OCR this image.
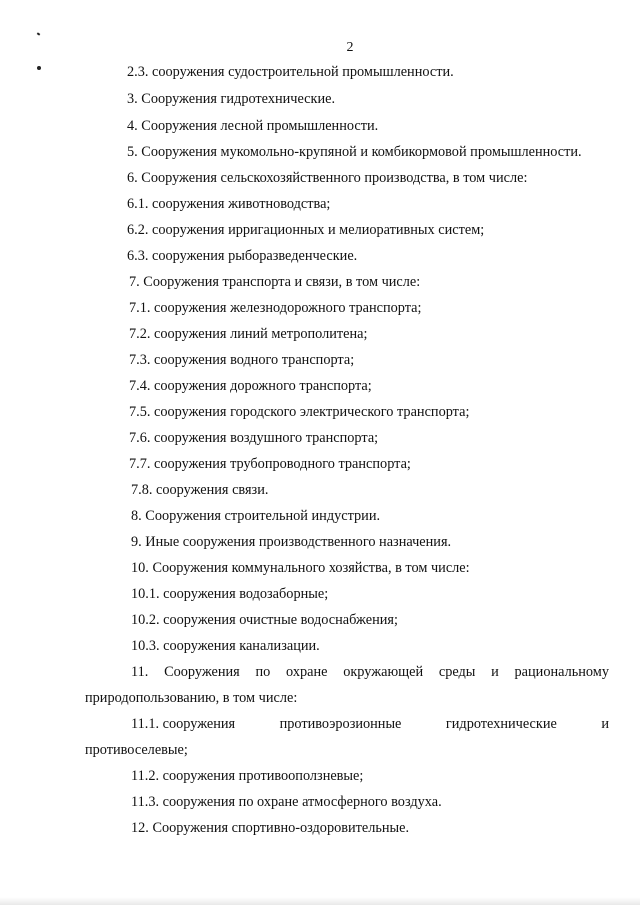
2
2.3. сооружения судостроительной промышленности.
3. Сооружения гидротехнические.
4. Сооружения лесной промышленности.
5. Сооружения мукомольно-крупяной и комбикормовой промышленности.
6. Сооружения сельскохозяйственного производства, в том числе:
6.1. сооружения животноводства;
6.2. сооружения ирригационных и мелиоративных систем;
6.3. сооружения рыборазведенческие.
7. Сооружения транспорта и связи, в том числе:
7.1. сооружения железнодорожного транспорта;
7.2. сооружения линий метрополитена;
7.3. сооружения водного транспорта;
7.4. сооружения дорожного транспорта;
7.5. сооружения городского электрического транспорта;
7.6. сооружения воздушного транспорта;
7.7. сооружения трубопроводного транспорта;
7.8. сооружения связи.
8. Сооружения строительной индустрии.
9. Иные сооружения производственного назначения.
10. Сооружения коммунального хозяйства, в том числе:
10.1. сооружения водозаборные;
10.2. сооружения очистные водоснабжения;
10.3. сооружения канализации.
11. Сооружения по охране окружающей среды и рациональному
природопользованию, в том числе:
11.1. сооружения	противоэрозионные	гидротехнические	и
противоселевые;
11.2. сооружения противооползневые;
11.3. сооружения по охране атмосферного воздуха.
12. Сооружения спортивно-оздоровительные.
